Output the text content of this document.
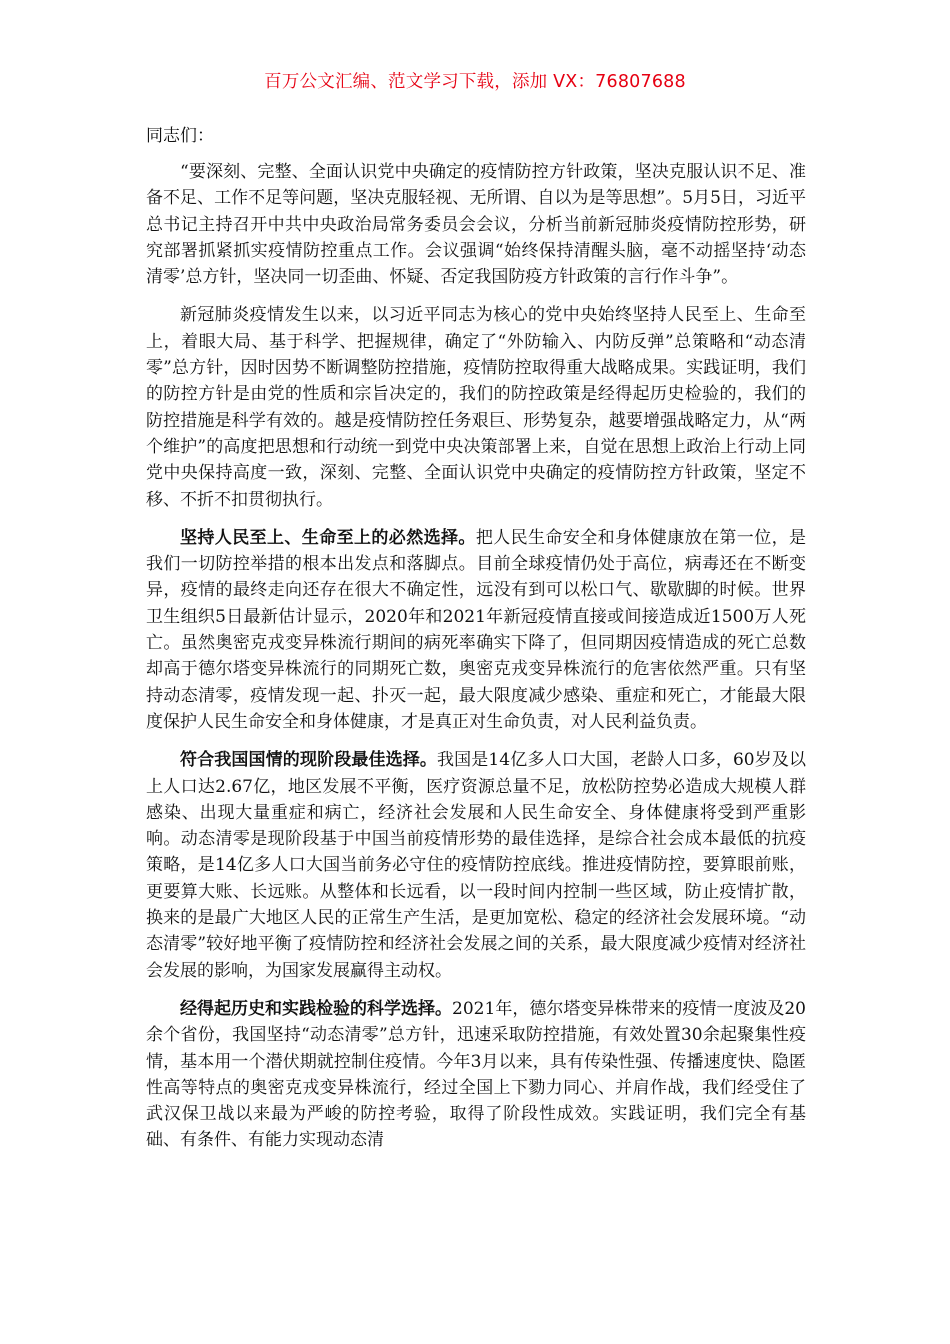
百万公文汇编、范文学习下载，添加 VX：76807688

同志们：

“要深刻、完整、全面认识党中央确定的疫情防控方针政策，坚决克服认识不足、准备不足、工作不足等问题，坚决克服轻视、无所谓、自以为是等思想”。5月5日，习近平总书记主持召开中共中央政治局常务委员会会议，分析当前新冠肺炎疫情防控形势，研究部署抓紧抓实疫情防控重点工作。会议强调“始终保持清醒头脑，毫不动摇坚持‘动态清零’总方针，坚决同一切歪曲、怀疑、否定我国防疫方针政策的言行作斗争”。

新冠肺炎疫情发生以来，以习近平同志为核心的党中央始终坚持人民至上、生命至上，着眼大局、基于科学、把握规律，确定了“外防输入、内防反弹”总策略和“动态清零”总方针，因时因势不断调整防控措施，疫情防控取得重大战略成果。实践证明，我们的防控方针是由党的性质和宗旨决定的，我们的防控政策是经得起历史检验的，我们的防控措施是科学有效的。越是疫情防控任务艰巨、形势复杂，越要增强战略定力，从“两个维护”的高度把思想和行动统一到党中央决策部署上来，自觉在思想上政治上行动上同党中央保持高度一致，深刻、完整、全面认识党中央确定的疫情防控方针政策，坚定不移、不折不扣贯彻执行。

坚持人民至上、生命至上的必然选择。把人民生命安全和身体健康放在第一位，是我们一切防控举措的根本出发点和落脚点。目前全球疫情仍处于高位，病毒还在不断变异，疫情的最终走向还存在很大不确定性，远没有到可以松口气、歇歇脚的时候。世界卫生组织5日最新估计显示，2020年和2021年新冠疫情直接或间接造成近1500万人死亡。虽然奥密克戎变异株流行期间的病死率确实下降了，但同期因疫情造成的死亡总数却高于德尔塔变异株流行的同期死亡数，奥密克戎变异株流行的危害依然严重。只有坚持动态清零，疫情发现一起、扑灭一起，最大限度减少感染、重症和死亡，才能最大限度保护人民生命安全和身体健康，才是真正对生命负责，对人民利益负责。

符合我国国情的现阶段最佳选择。我国是14亿多人口大国，老龄人口多，60岁及以上人口达2.67亿，地区发展不平衡，医疗资源总量不足，放松防控势必造成大规模人群感染、出现大量重症和病亡，经济社会发展和人民生命安全、身体健康将受到严重影响。动态清零是现阶段基于中国当前疫情形势的最佳选择，是综合社会成本最低的抗疫策略，是14亿多人口大国当前务必守住的疫情防控底线。推进疫情防控，要算眼前账，更要算大账、长远账。从整体和长远看，以一段时间内控制一些区域，防止疫情扩散，换来的是最广大地区人民的正常生产生活，是更加宽松、稳定的经济社会发展环境。“动态清零”较好地平衡了疫情防控和经济社会发展之间的关系，最大限度减少疫情对经济社会发展的影响，为国家发展赢得主动权。

经得起历史和实践检验的科学选择。2021年，德尔塔变异株带来的疫情一度波及20余个省份，我国坚持“动态清零”总方针，迅速采取防控措施，有效处置30余起聚集性疫情，基本用一个潜伏期就控制住疫情。今年3月以来，具有传染性强、传播速度快、隐匿性高等特点的奥密克戎变异株流行，经过全国上下勠力同心、并肩作战，我们经受住了武汉保卫战以来最为严峻的防控考验，取得了阶段性成效。实践证明，我们完全有基础、有条件、有能力实现动态清
